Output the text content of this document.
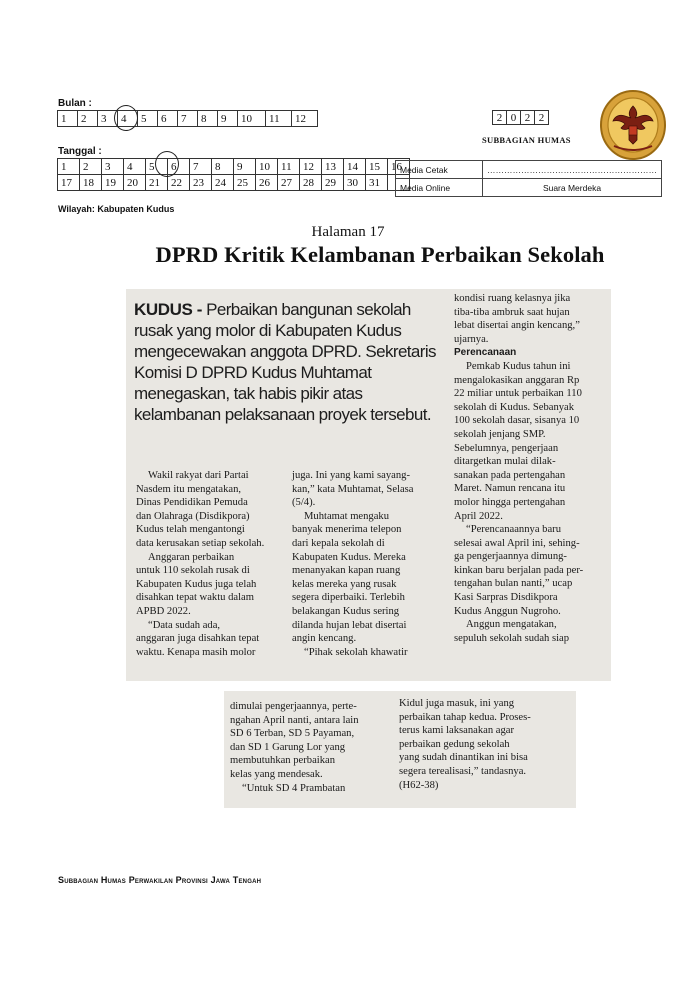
Bulan :
1	2	3	4	5	6	7	8	9	10	11	12
Tanggal :
1	2	3	4	5	6	7	8	9	10	11	12	13	14	15	16
17	18	19	20	21	22	23	24	25	26	27	28	29	30	31	
2	0	2	2
SUBBAGIAN HUMAS
Media Cetak	……………………………………………………
Media Online	Suara Merdeka
Wilayah: Kabupaten Kudus
Halaman 17
DPRD Kritik Kelambanan Perbaikan Sekolah
KUDUS - Perbaikan bangunan sekolah
rusak yang molor di Kabupaten Kudus
mengecewakan anggota DPRD. Sekretaris
Komisi D DPRD Kudus Muhtamat
menegaskan, tak habis pikir atas
kelambanan pelaksanaan proyek tersebut.

Wakil rakyat dari Partai

Nasdem itu mengatakan,

Dinas Pendidikan Pemuda

dan Olahraga (Disdikpora)

Kudus telah mengantongi

data kerusakan setiap sekolah.

Anggaran perbaikan

untuk 110 sekolah rusak di

Kabupaten Kudus juga telah

disahkan tepat waktu dalam

APBD 2022.

“Data sudah ada,

anggaran juga disahkan tepat

waktu. Kenapa masih molor

juga. Ini yang kami sayang-

kan,” kata Muhtamat, Selasa

(5/4).

Muhtamat mengaku

banyak menerima telepon

dari kepala sekolah di

Kabupaten Kudus. Mereka

menanyakan kapan ruang

kelas mereka yang rusak

segera diperbaiki. Terlebih

belakangan Kudus sering

dilanda hujan lebat disertai

angin kencang.

“Pihak sekolah khawatir

kondisi ruang kelasnya jika

tiba-tiba ambruk saat hujan

lebat disertai angin kencang,”

ujarnya.

Perencanaan

Pemkab Kudus tahun ini

mengalokasikan anggaran Rp

22 miliar untuk perbaikan 110

sekolah di Kudus. Sebanyak

100 sekolah dasar, sisanya 10

sekolah jenjang SMP.

Sebelumnya, pengerjaan

ditargetkan mulai dilak-

sanakan pada pertengahan

Maret. Namun rencana itu

molor hingga pertengahan

April 2022.

“Perencanaannya baru

selesai awal April ini, sehing-

ga pengerjaannya dimung-

kinkan baru berjalan pada per-

tengahan bulan nanti,” ucap

Kasi Sarpras Disdikpora

Kudus Anggun Nugroho.

Anggun mengatakan,

sepuluh sekolah sudah siap

dimulai pengerjaannya, perte-

ngahan April nanti, antara lain

SD 6 Terban, SD 5 Payaman,

dan SD 1 Garung Lor yang

membutuhkan perbaikan

kelas yang mendesak.

“Untuk SD 4 Prambatan

Kidul juga masuk, ini yang

perbaikan tahap kedua. Proses-

terus kami laksanakan agar

perbaikan gedung sekolah

yang sudah dinantikan ini bisa

segera terealisasi,” tandasnya.

(H62-38)

Subbagian Humas Perwakilan Provinsi Jawa Tengah
